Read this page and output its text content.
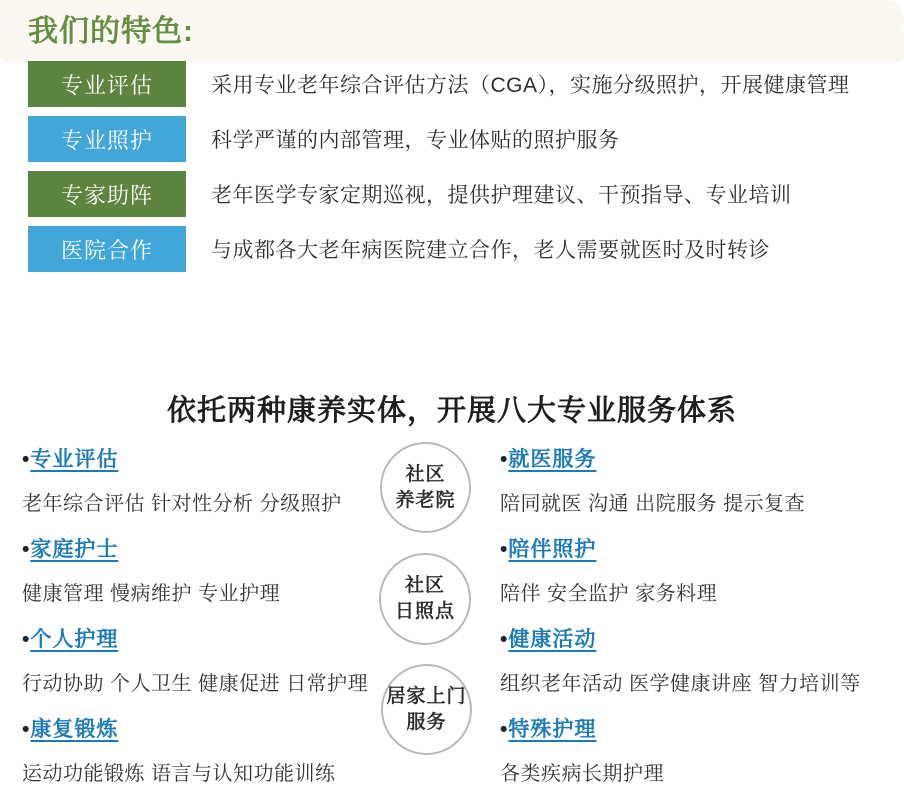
我们的特色:
专业评估	采用专业老年综合评估方法（CGA），实施分级照护，开展健康管理
专业照护	科学严谨的内部管理，专业体贴的照护服务
专家助阵	老年医学专家定期巡视，提供护理建议、干预指导、专业培训
医院合作	与成都各大老年病医院建立合作，老人需要就医时及时转诊
依托两种康养实体，开展八大专业服务体系
• 专业评估
老年综合评估 针对性分析 分级照护
• 家庭护士
健康管理 慢病维护 专业护理
• 个人护理
行动协助 个人卫生 健康促进 日常护理
• 康复锻炼
运动功能锻炼 语言与认知功能训练
• 就医服务
陪同就医 沟通 出院服务 提示复查
• 陪伴照护
陪伴 安全监护 家务料理
• 健康活动
组织老年活动 医学健康讲座 智力培训等
• 特殊护理
各类疾病长期护理
社区
养老院
社区
日照点
居家上门
服务
